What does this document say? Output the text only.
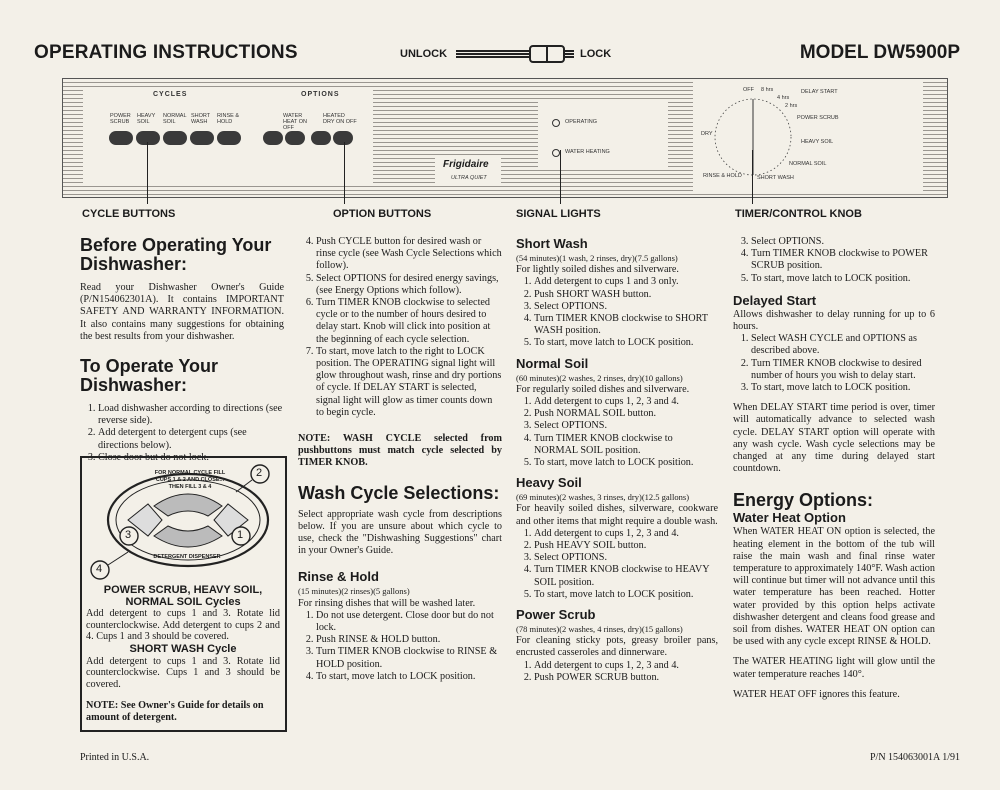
OPERATING INSTRUCTIONS	UNLOCK	LOCK	MODEL DW5900P
CYCLES	OPTIONS
POWER SCRUB
HEAVY SOIL
NORMAL SOIL
SHORT WASH
RINSE & HOLD
WATER HEAT ON OFF
HEATED DRY ON OFF
Frigidaire
ULTRA QUIET
OPERATING
WATER HEATING
OFF 8 hrs	DELAY START
4 hrs
2 hrs
POWER SCRUB
HEAVY SOIL
DRY
NORMAL SOIL
RINSE & HOLD	SHORT WASH
CYCLE BUTTONS	OPTION BUTTONS	SIGNAL LIGHTS	TIMER/CONTROL KNOB
Before Operating Your Dishwasher:

Read your Dishwasher Owner's Guide (P/N154062301A). It contains IMPORTANT SAFETY AND WARRANTY INFORMATION. It also contains many suggestions for obtaining the best results from your dishwasher.

To Operate Your Dishwasher:
1. Load dishwasher according to directions (see reverse side).
2. Add detergent to detergent cups (see directions below).
3. Close door but do not lock.
FOR NORMAL CYCLE FILL CUPS 1 & 2 AND CLOSE... THEN FILL 3 & 4
DETERGENT DISPENSER
1
2
3
4
POWER SCRUB, HEAVY SOIL, NORMAL SOIL Cycles

Add detergent to cups 1 and 3. Rotate lid counterclockwise. Add detergent to cups 2 and 4. Cups 1 and 3 should be covered.

SHORT WASH Cycle

Add detergent to cups 1 and 3. Rotate lid counterclockwise. Cups 1 and 3 should be covered.

NOTE: See Owner's Guide for details on amount of detergent.

4. Push CYCLE button for desired wash or rinse cycle (see Wash Cycle Selections which follow).
5. Select OPTIONS for desired energy savings, (see Energy Options which follow).
6. Turn TIMER KNOB clockwise to selected cycle or to the number of hours desired to delay start. Knob will click into position at the beginning of each cycle selection.
7. To start, move latch to the right to LOCK position. The OPERATING signal light will glow throughout wash, rinse and dry portions of cycle. If DELAY START is selected, signal light will glow as timer counts down to begin cycle.

NOTE: WASH CYCLE selected from pushbuttons must match cycle selected by TIMER KNOB.

Wash Cycle Selections:

Select appropriate wash cycle from descriptions below. If you are unsure about which cycle to use, check the "Dishwashing Suggestions" chart in your Owner's Guide.

Rinse & Hold
(15 minutes)(2 rinses)(5 gallons)

For rinsing dishes that will be washed later.

1. Do not use detergent. Close door but do not lock.
2. Push RINSE & HOLD button.
3. Turn TIMER KNOB clockwise to RINSE & HOLD position.
4. To start, move latch to LOCK position.
Short Wash
(54 minutes)(1 wash, 2 rinses, dry)(7.5 gallons)

For lightly soiled dishes and silverware.

1. Add detergent to cups 1 and 3 only.
2. Push SHORT WASH button.
3. Select OPTIONS.
4. Turn TIMER KNOB clockwise to SHORT WASH position.
5. To start, move latch to LOCK position.
Normal Soil
(60 minutes)(2 washes, 2 rinses, dry)(10 gallons)

For regularly soiled dishes and silverware.

1. Add detergent to cups 1, 2, 3 and 4.
2. Push NORMAL SOIL button.
3. Select OPTIONS.
4. Turn TIMER KNOB clockwise to NORMAL SOIL position.
5. To start, move latch to LOCK position.
Heavy Soil
(69 minutes)(2 washes, 3 rinses, dry)(12.5 gallons)

For heavily soiled dishes, silverware, cookware and other items that might require a double wash.

1. Add detergent to cups 1, 2, 3 and 4.
2. Push HEAVY SOIL button.
3. Select OPTIONS.
4. Turn TIMER KNOB clockwise to HEAVY SOIL position.
5. To start, move latch to LOCK position.
Power Scrub
(78 minutes)(2 washes, 4 rinses, dry)(15 gallons)

For cleaning sticky pots, greasy broiler pans, encrusted casseroles and dinnerware.

1. Add detergent to cups 1, 2, 3 and 4.
2. Push POWER SCRUB button.
3. Select OPTIONS.
4. Turn TIMER KNOB clockwise to POWER SCRUB position.
5. To start, move latch to LOCK position.
Delayed Start

Allows dishwasher to delay running for up to 6 hours.

1. Select WASH CYCLE and OPTIONS as described above.
2. Turn TIMER KNOB clockwise to desired number of hours you wish to delay start.
3. To start, move latch to LOCK position.

When DELAY START time period is over, timer will automatically advance to selected wash cycle. DELAY START option will operate with any wash cycle. Wash cycle selections may be changed at any time during delayed start countdown.

Energy Options:
Water Heat Option

When WATER HEAT ON option is selected, the heating element in the bottom of the tub will raise the main wash and final rinse water temperature to approximately 140°F. Wash action will continue but timer will not advance until this water temperature has been reached. Hotter water provided by this option helps activate dishwasher detergent and cleans food grease and soil from dishes. WATER HEAT ON option can be used with any cycle except RINSE & HOLD.

The WATER HEATING light will glow until the water temperature reaches 140°.

WATER HEAT OFF ignores this feature.

Printed in U.S.A.	P/N 154063001A 1/91
